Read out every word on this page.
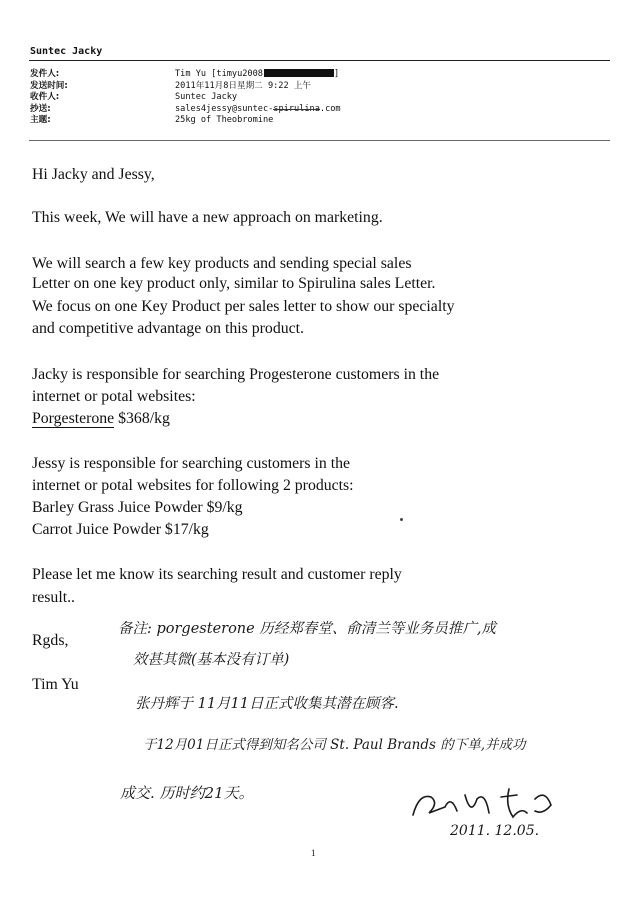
Suntec Jacky
发件人:	Tim Yu [timyu2008	]
发送时间:	2011年11月8日星期二 9:22 上午
收件人:	Suntec Jacky
抄送:	sales4jessy@suntec-spirulina.com
主题:	25kg of Theobromine
Hi Jacky and Jessy,
This week, We will have a new approach on marketing.
We will search a few key products and sending special sales
Letter on one key product only, similar to Spirulina sales Letter.
We focus on one Key Product per sales letter to show our specialty
and competitive advantage on this product.
Jacky is responsible for searching Progesterone customers in the
internet or potal websites:
Porgesterone $368/kg
Jessy is responsible for searching customers in the
internet or potal websites for following 2 products:
Barley Grass Juice Powder $9/kg
Carrot Juice Powder $17/kg
Please let me know its searching result and customer reply
result..
Rgds,
Tim Yu
备注: porgesterone 历经郑春堂、俞清兰等业务员推广,成
效甚其微(基本没有订单)
张丹辉于 11月11日正式收集其潜在顾客.
于12月01日正式得到知名公司 St. Paul Brands 的下单,并成功
成交. 历时约21天。
2011. 12.05.
1
